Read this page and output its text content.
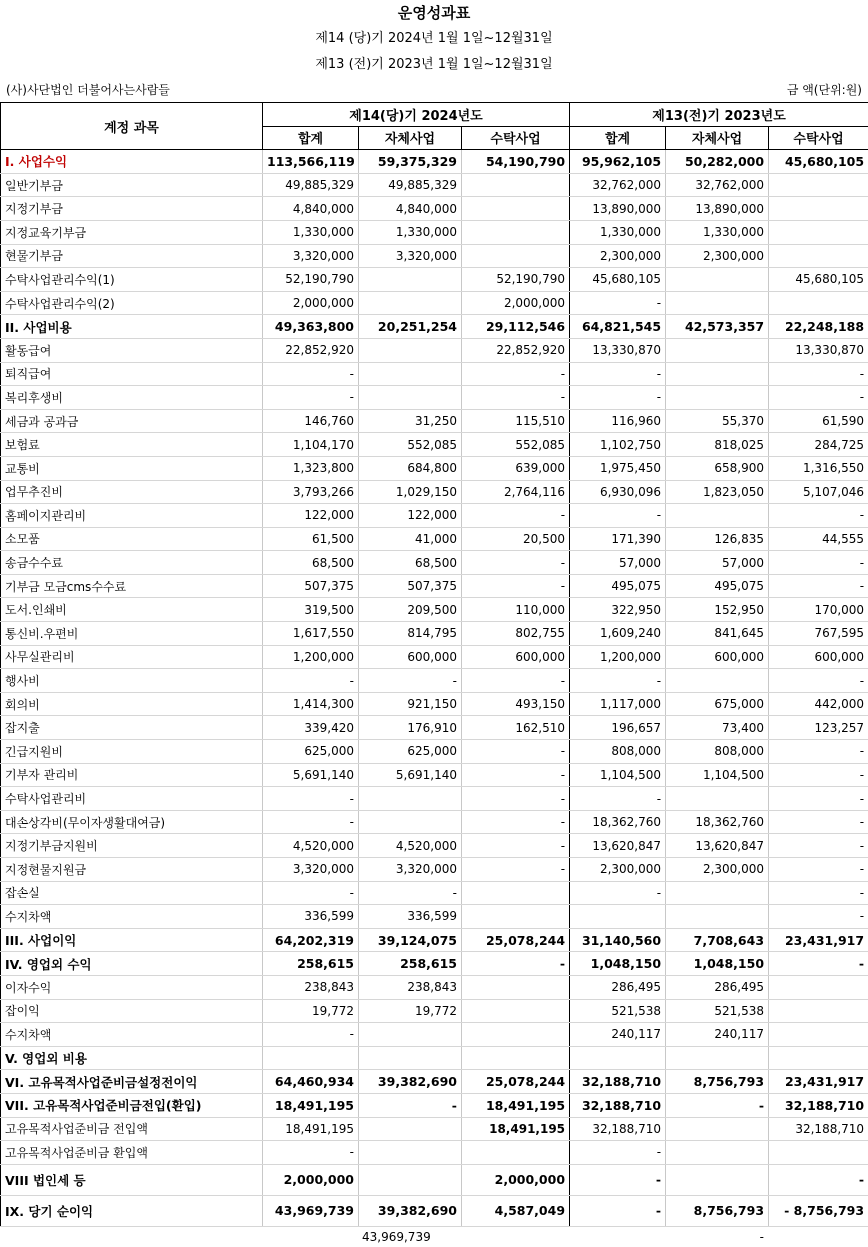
운영성과표
제14 (당)기 2024년 1월 1일~12월31일
제13 (전)기 2023년 1월 1일~12월31일
(사)사단법인 더불어사는사람들	금 액(단위:원)
계정 과목	제14(당)기 2024년도			제13(전)기 2023년도		
	합계	자체사업	수탁사업	합계	자체사업	수탁사업
I. 사업수익	113,566,119	59,375,329	54,190,790	95,962,105	50,282,000	45,680,105
일반기부금	49,885,329	49,885,329		32,762,000	32,762,000	
지정기부금	4,840,000	4,840,000		13,890,000	13,890,000	
지정교육기부금	1,330,000	1,330,000		1,330,000	1,330,000	
현물기부금	3,320,000	3,320,000		2,300,000	2,300,000	
수탁사업관리수익(1)	52,190,790		52,190,790	45,680,105		45,680,105
수탁사업관리수익(2)	2,000,000		2,000,000	-		
II. 사업비용	49,363,800	20,251,254	29,112,546	64,821,545	42,573,357	22,248,188
활동급여	22,852,920		22,852,920	13,330,870		13,330,870
퇴직급여	-		-	-		-
복리후생비	-		-	-		-
세금과 공과금	146,760	31,250	115,510	116,960	55,370	61,590
보험료	1,104,170	552,085	552,085	1,102,750	818,025	284,725
교통비	1,323,800	684,800	639,000	1,975,450	658,900	1,316,550
업무추진비	3,793,266	1,029,150	2,764,116	6,930,096	1,823,050	5,107,046
홈페이지관리비	122,000	122,000	-	-		-
소모품	61,500	41,000	20,500	171,390	126,835	44,555
송금수수료	68,500	68,500	-	57,000	57,000	-
기부금 모금cms수수료	507,375	507,375	-	495,075	495,075	-
도서.인쇄비	319,500	209,500	110,000	322,950	152,950	170,000
통신비.우편비	1,617,550	814,795	802,755	1,609,240	841,645	767,595
사무실관리비	1,200,000	600,000	600,000	1,200,000	600,000	600,000
행사비	-	-	-	-		-
회의비	1,414,300	921,150	493,150	1,117,000	675,000	442,000
잡지출	339,420	176,910	162,510	196,657	73,400	123,257
긴급지원비	625,000	625,000	-	808,000	808,000	-
기부자 관리비	5,691,140	5,691,140	-	1,104,500	1,104,500	-
수탁사업관리비	-		-	-		-
대손상각비(무이자생활대여금)	-		-	18,362,760	18,362,760	-
지정기부금지원비	4,520,000	4,520,000	-	13,620,847	13,620,847	-
지정현물지원금	3,320,000	3,320,000	-	2,300,000	2,300,000	-
잡손실	-	-		-		-
수지차액	336,599	336,599				-
III. 사업이익	64,202,319	39,124,075	25,078,244	31,140,560	7,708,643	23,431,917
IV. 영업외 수익	258,615	258,615	-	1,048,150	1,048,150	-
이자수익	238,843	238,843		286,495	286,495	
잡이익	19,772	19,772		521,538	521,538	
수지차액	-			240,117	240,117	
V. 영업외 비용						
VI. 고유목적사업준비금설정전이익	64,460,934	39,382,690	25,078,244	32,188,710	8,756,793	23,431,917
VII. 고유목적사업준비금전입(환입)	18,491,195	-	18,491,195	32,188,710	-	32,188,710
고유목적사업준비금 전입액	18,491,195		18,491,195	32,188,710		32,188,710
고유목적사업준비금 환입액	-			-		
VIII 법인세 등	2,000,000		2,000,000	-		-
IX. 당기 순이익	43,969,739	39,382,690	4,587,049	-	8,756,793	- 8,756,793
		43,969,739			-	
